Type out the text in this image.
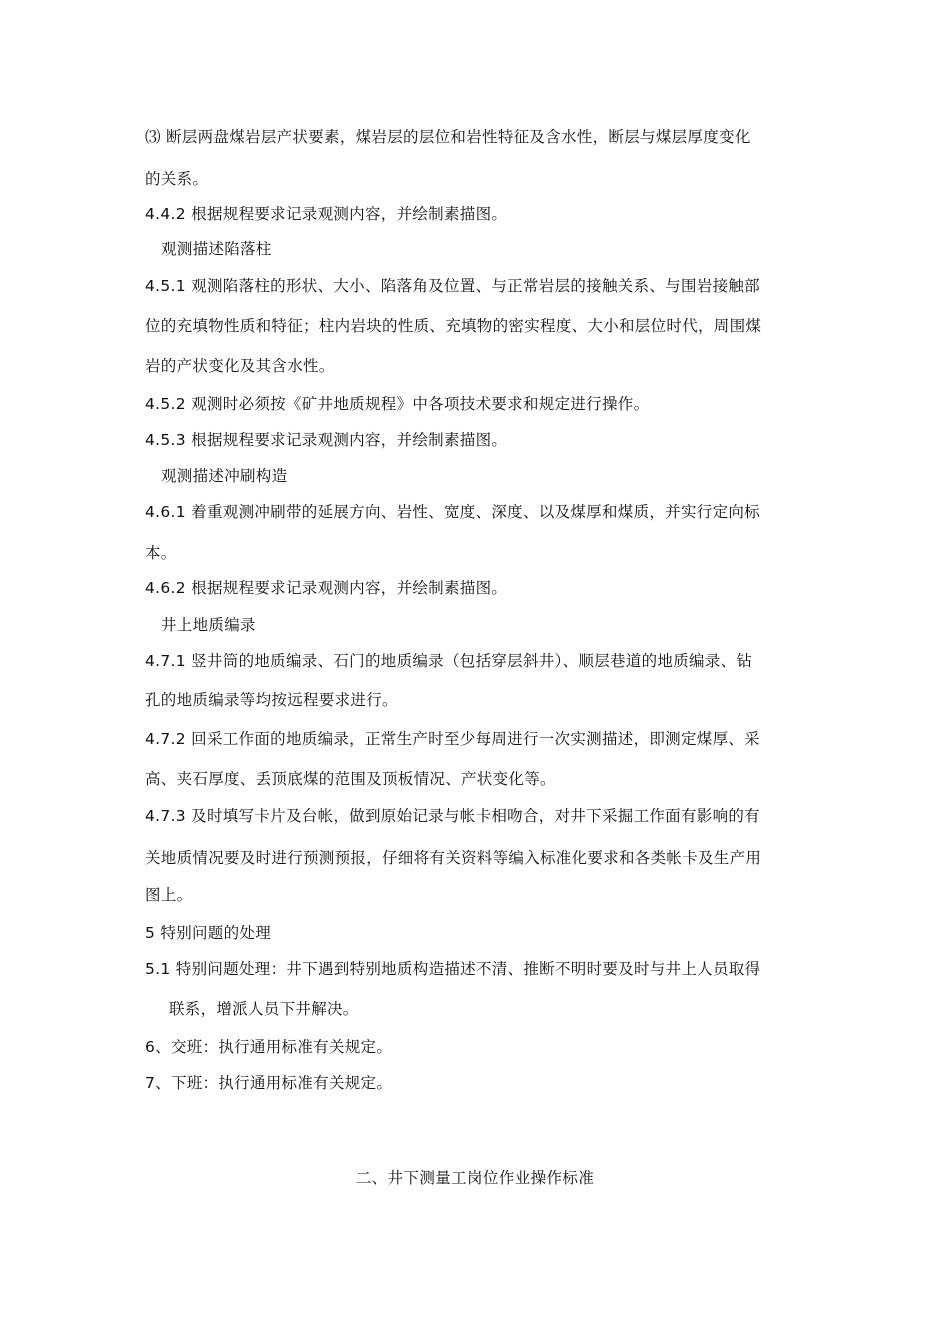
⑶ 断层两盘煤岩层产状要素，煤岩层的层位和岩性特征及含水性，断层与煤层厚度变化
的关系。
4.4.2 根据规程要求记录观测内容，并绘制素描图。
观测描述陷落柱
4.5.1 观测陷落柱的形状、大小、陷落角及位置、与正常岩层的接触关系、与围岩接触部
位的充填物性质和特征；柱内岩块的性质、充填物的密实程度、大小和层位时代，周围煤
岩的产状变化及其含水性。
4.5.2 观测时必须按《矿井地质规程》中各项技术要求和规定进行操作。
4.5.3 根据规程要求记录观测内容，并绘制素描图。
观测描述冲刷构造
4.6.1 着重观测冲刷带的延展方向、岩性、宽度、深度、以及煤厚和煤质，并实行定向标
本。
4.6.2 根据规程要求记录观测内容，并绘制素描图。
井上地质编录
4.7.1 竖井筒的地质编录、石门的地质编录（包括穿层斜井）、顺层巷道的地质编录、钻
孔的地质编录等均按远程要求进行。
4.7.2 回采工作面的地质编录，正常生产时至少每周进行一次实测描述，即测定煤厚、采
高、夹石厚度、丢顶底煤的范围及顶板情况、产状变化等。
4.7.3 及时填写卡片及台帐，做到原始记录与帐卡相吻合，对井下采掘工作面有影响的有
关地质情况要及时进行预测预报，仔细将有关资料等编入标准化要求和各类帐卡及生产用
图上。
5 特别问题的处理
5.1 特别问题处理：井下遇到特别地质构造描述不清、推断不明时要及时与井上人员取得
联系，增派人员下井解决。
6、交班：执行通用标准有关规定。
7、下班：执行通用标准有关规定。
二、井下测量工岗位作业操作标准
